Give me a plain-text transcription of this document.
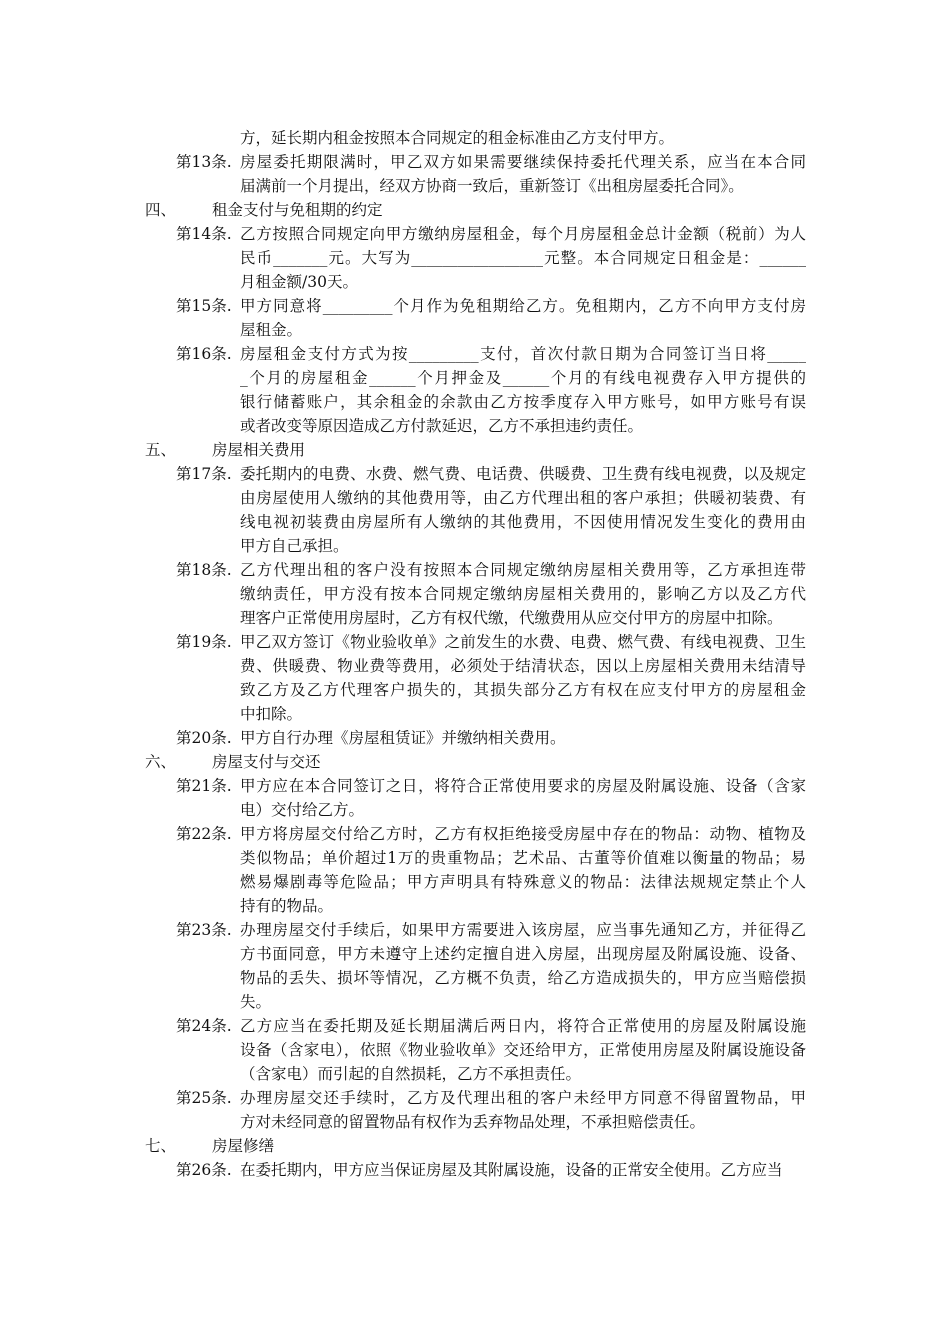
方，延长期内租金按照本合同规定的租金标准由乙方支付甲方。
第13条. 房屋委托期限满时，甲乙双方如果需要继续保持委托代理关系，应当在本合同
届满前一个月提出，经双方协商一致后，重新签订《出租房屋委托合同》。
四、 租金支付与免租期的约定
第14条. 乙方按照合同规定向甲方缴纳房屋租金，每个月房屋租金总计金额（税前）为人
民币_______元。大写为_________________元整。本合同规定日租金是：______
月租金额/30天。
第15条. 甲方同意将_________个月作为免租期给乙方。免租期内，乙方不向甲方支付房
屋租金。
第16条. 房屋租金支付方式为按_________支付，首次付款日期为合同签订当日将_____
_个月的房屋租金______个月押金及______个月的有线电视费存入甲方提供的
银行储蓄账户，其余租金的余款由乙方按季度存入甲方账号，如甲方账号有误
或者改变等原因造成乙方付款延迟，乙方不承担违约责任。
五、 房屋相关费用
第17条. 委托期内的电费、水费、燃气费、电话费、供暖费、卫生费有线电视费，以及规定
由房屋使用人缴纳的其他费用等，由乙方代理出租的客户承担；供暖初装费、有
线电视初装费由房屋所有人缴纳的其他费用，不因使用情况发生变化的费用由
甲方自己承担。
第18条. 乙方代理出租的客户没有按照本合同规定缴纳房屋相关费用等，乙方承担连带
缴纳责任，甲方没有按本合同规定缴纳房屋相关费用的，影响乙方以及乙方代
理客户正常使用房屋时，乙方有权代缴，代缴费用从应交付甲方的房屋中扣除。
第19条. 甲乙双方签订《物业验收单》之前发生的水费、电费、燃气费、有线电视费、卫生
费、供暖费、物业费等费用，必须处于结清状态，因以上房屋相关费用未结清导
致乙方及乙方代理客户损失的，其损失部分乙方有权在应支付甲方的房屋租金
中扣除。
第20条. 甲方自行办理《房屋租赁证》并缴纳相关费用。
六、 房屋支付与交还
第21条. 甲方应在本合同签订之日，将符合正常使用要求的房屋及附属设施、设备（含家
电）交付给乙方。
第22条. 甲方将房屋交付给乙方时，乙方有权拒绝接受房屋中存在的物品：动物、植物及
类似物品；单价超过1万的贵重物品；艺术品、古董等价值难以衡量的物品；易
燃易爆剧毒等危险品；甲方声明具有特殊意义的物品：法律法规规定禁止个人
持有的物品。
第23条. 办理房屋交付手续后，如果甲方需要进入该房屋，应当事先通知乙方，并征得乙
方书面同意，甲方未遵守上述约定擅自进入房屋，出现房屋及附属设施、设备、
物品的丢失、损坏等情况，乙方概不负责，给乙方造成损失的，甲方应当赔偿损
失。
第24条. 乙方应当在委托期及延长期届满后两日内，将符合正常使用的房屋及附属设施
设备（含家电），依照《物业验收单》交还给甲方，正常使用房屋及附属设施设备
（含家电）而引起的自然损耗，乙方不承担责任。
第25条. 办理房屋交还手续时，乙方及代理出租的客户未经甲方同意不得留置物品，甲
方对未经同意的留置物品有权作为丢弃物品处理，不承担赔偿责任。
七、 房屋修缮
第26条. 在委托期内，甲方应当保证房屋及其附属设施，设备的正常安全使用。乙方应当
